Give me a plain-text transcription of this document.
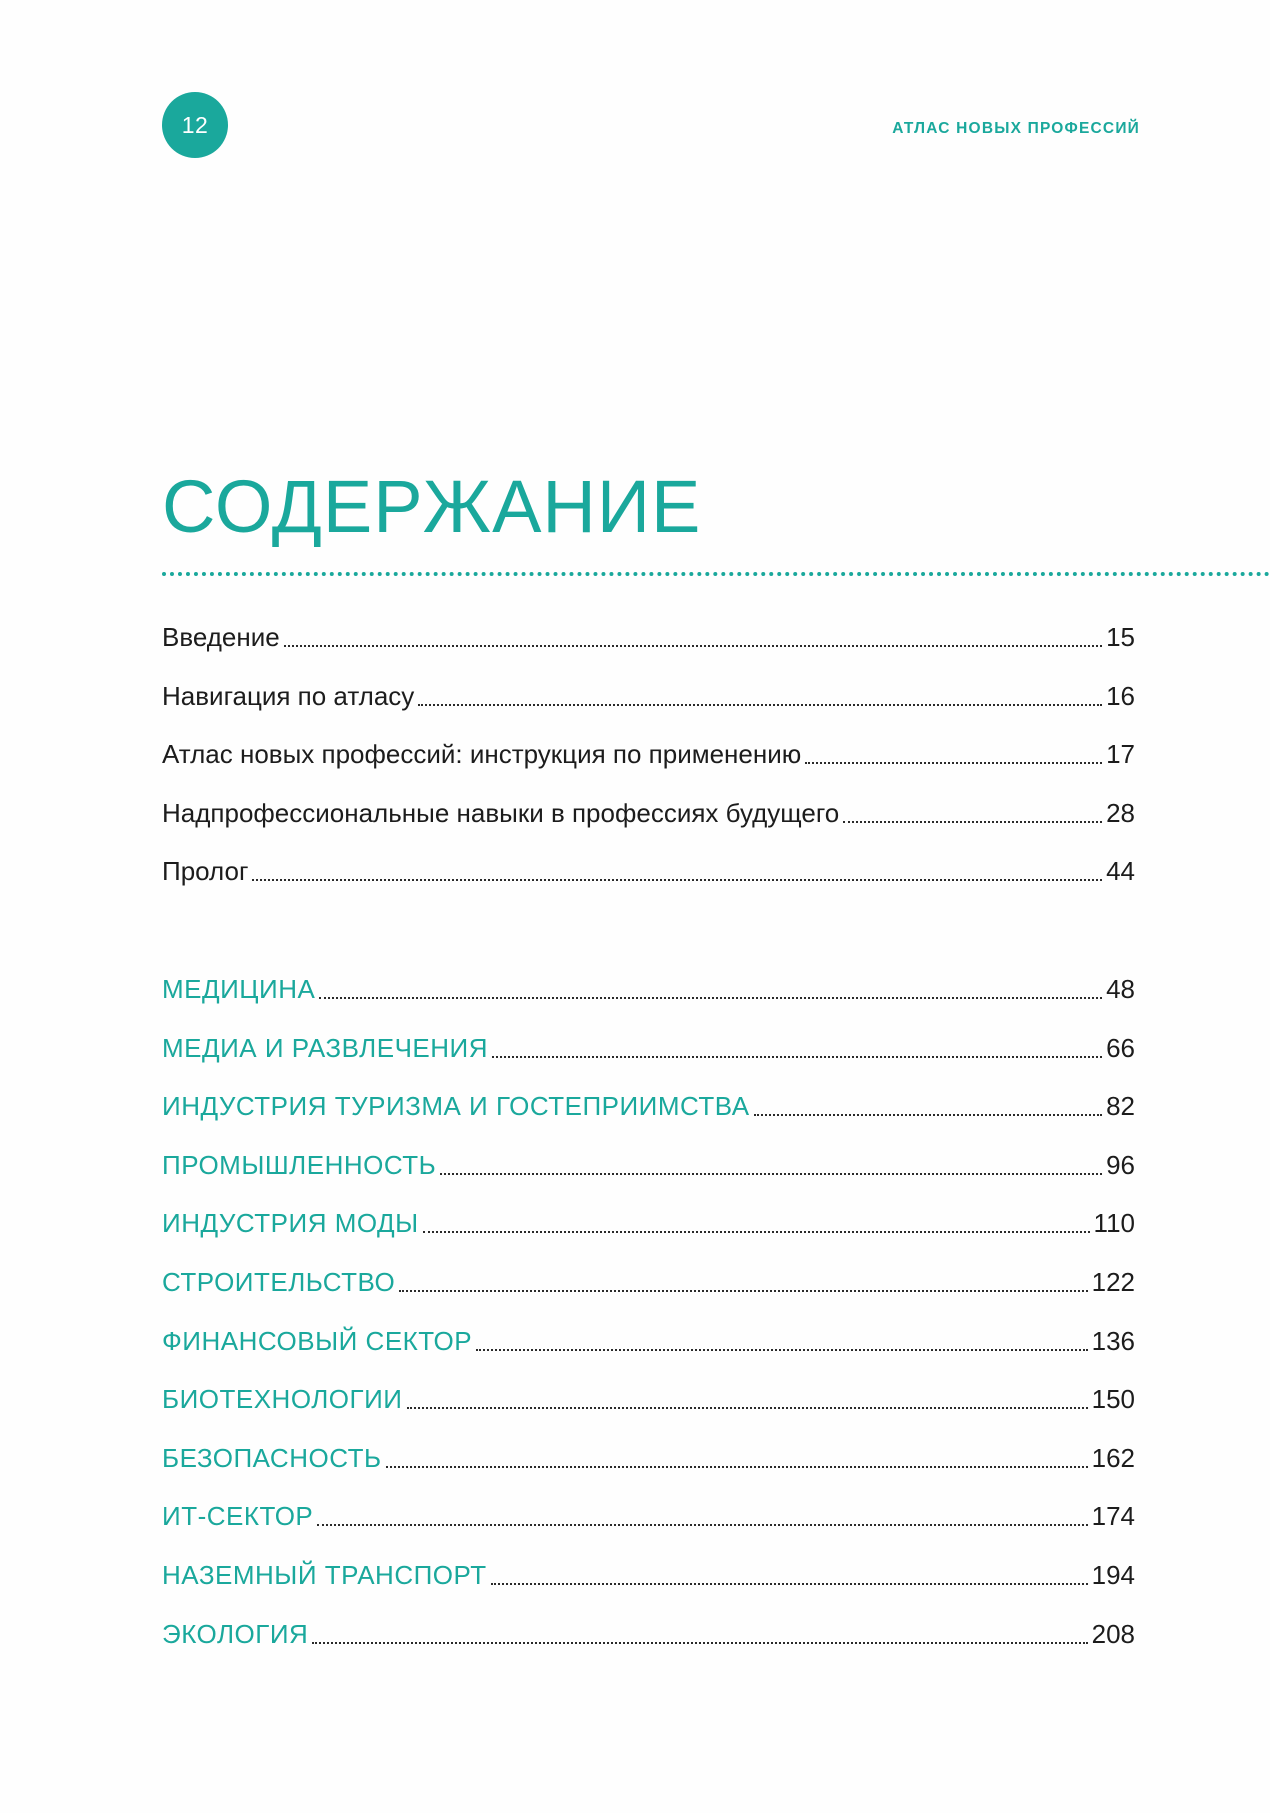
12	АТЛАС НОВЫХ ПРОФЕССИЙ
СОДЕРЖАНИЕ
Введение	15
Навигация по атласу	16
Атлас новых профессий: инструкция по применению	17
Надпрофессиональные навыки в профессиях будущего	28
Пролог	44
МЕДИЦИНА	48
МЕДИА И РАЗВЛЕЧЕНИЯ	66
ИНДУСТРИЯ ТУРИЗМА И ГОСТЕПРИИМСТВА	82
ПРОМЫШЛЕННОСТЬ	96
ИНДУСТРИЯ МОДЫ	110
СТРОИТЕЛЬСТВО	122
ФИНАНСОВЫЙ СЕКТОР	136
БИОТЕХНОЛОГИИ	150
БЕЗОПАСНОСТЬ	162
ИТ-СЕКТОР	174
НАЗЕМНЫЙ ТРАНСПОРТ	194
ЭКОЛОГИЯ	208
